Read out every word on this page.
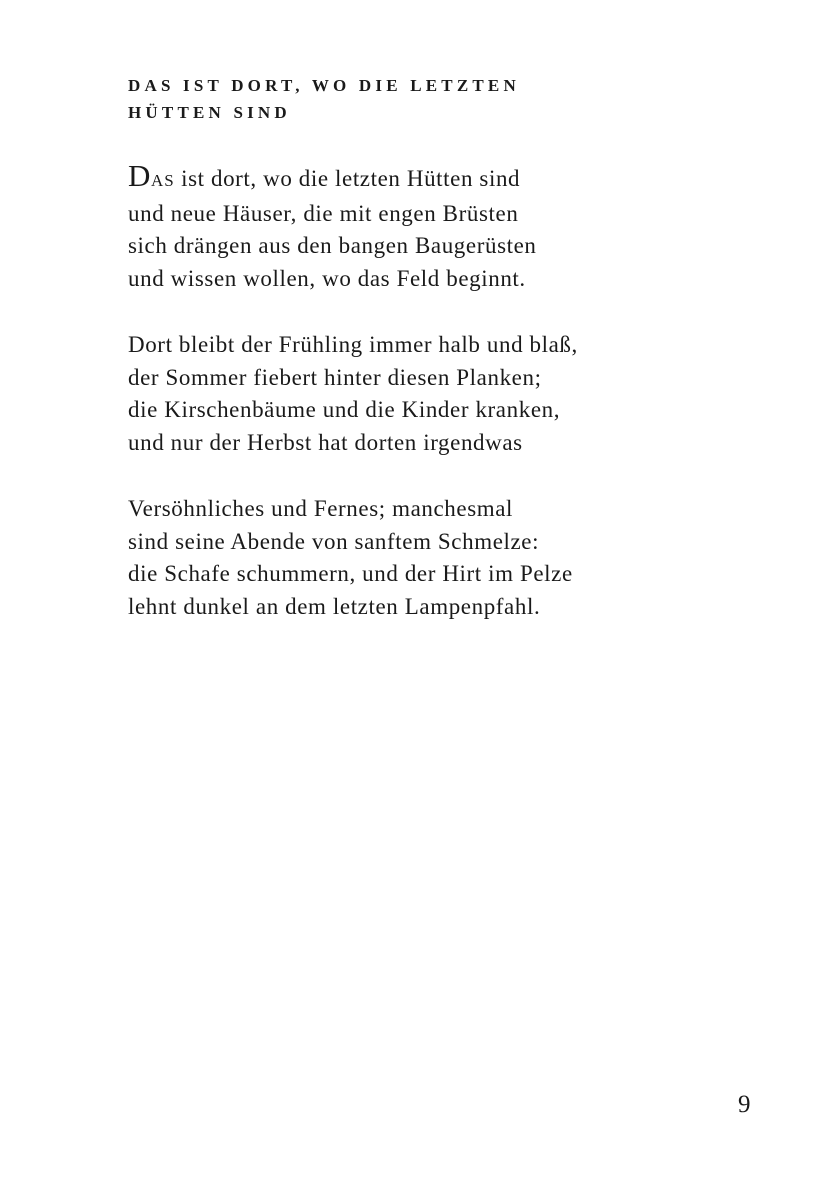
DAS IST DORT, WO DIE LETZTEN
HÜTTEN SIND
DAS ist dort, wo die letzten Hütten sind
und neue Häuser, die mit engen Brüsten
sich drängen aus den bangen Baugerüsten
und wissen wollen, wo das Feld beginnt.
Dort bleibt der Frühling immer halb und blaß,
der Sommer fiebert hinter diesen Planken;
die Kirschenbäume und die Kinder kranken,
und nur der Herbst hat dorten irgendwas
Versöhnliches und Fernes; manchesmal
sind seine Abende von sanftem Schmelze:
die Schafe schummern, und der Hirt im Pelze
lehnt dunkel an dem letzten Lampenpfahl.
9
